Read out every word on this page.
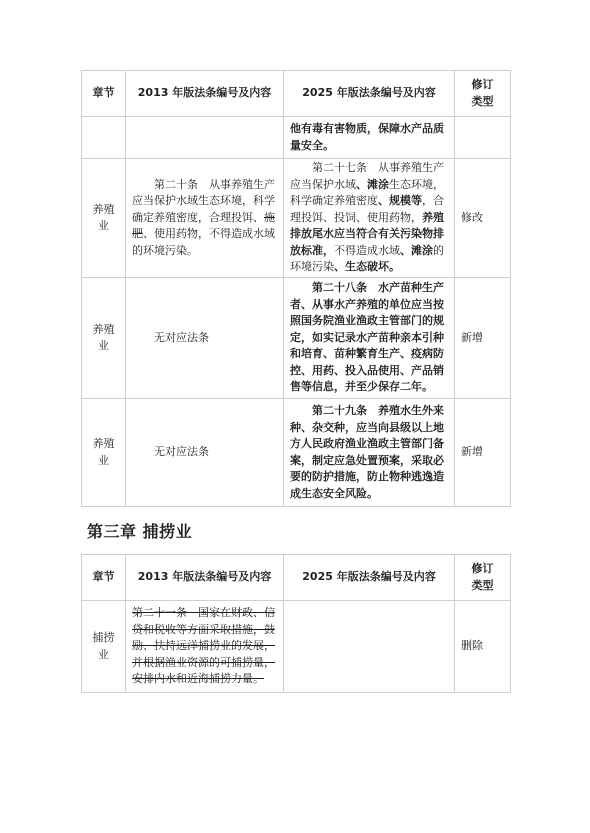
章节	2013 年版法条编号及内容	2025 年版法条编号及内容	修订类型
		他有毒有害物质，保障水产品质量安全。	
养殖业	第二十条　从事养殖生产应当保护水域生态环境，科学确定养殖密度，合理投饵、施肥、使用药物，不得造成水域的环境污染。	第二十七条　从事养殖生产应当保护水域、滩涂生态环境，科学确定养殖密度、规模等，合理投饵、投饲、使用药物，养殖排放尾水应当符合有关污染物排放标准，不得造成水域、滩涂的环境污染、生态破坏。	修改
养殖业	无对应法条	第二十八条　水产苗种生产者、从事水产养殖的单位应当按照国务院渔业渔政主管部门的规定，如实记录水产苗种亲本引种和培育、苗种繁育生产、疫病防控、用药、投入品使用、产品销售等信息，并至少保存二年。	新增
养殖业	无对应法条	第二十九条　养殖水生外来种、杂交种，应当向县级以上地方人民政府渔业渔政主管部门备案，制定应急处置预案，采取必要的防护措施，防止物种逃逸造成生态安全风险。	新增
第三章 捕捞业
章节	2013 年版法条编号及内容	2025 年版法条编号及内容	修订类型
捕捞业	第二十一条　国家在财政、信贷和税收等方面采取措施，鼓励、扶持远洋捕捞业的发展，并根据渔业资源的可捕捞量，安排内水和近海捕捞力量。		删除
